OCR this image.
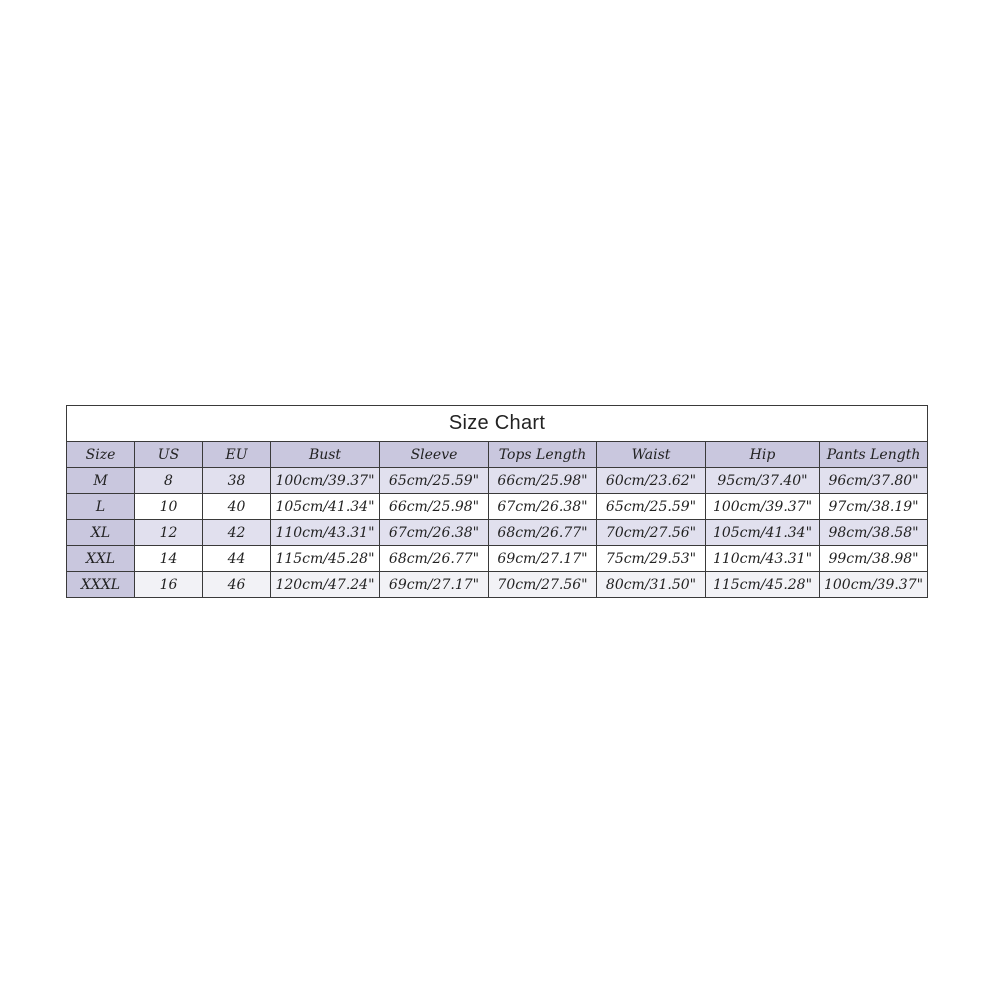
Size Chart								
Size	US	EU	Bust	Sleeve	Tops Length	Waist	Hip	Pants Length
M	8	38	100cm/39.37"	65cm/25.59"	66cm/25.98"	60cm/23.62"	95cm/37.40"	96cm/37.80"
L	10	40	105cm/41.34"	66cm/25.98"	67cm/26.38"	65cm/25.59"	100cm/39.37"	97cm/38.19"
XL	12	42	110cm/43.31"	67cm/26.38"	68cm/26.77"	70cm/27.56"	105cm/41.34"	98cm/38.58"
XXL	14	44	115cm/45.28"	68cm/26.77"	69cm/27.17"	75cm/29.53"	110cm/43.31"	99cm/38.98"
XXXL	16	46	120cm/47.24"	69cm/27.17"	70cm/27.56"	80cm/31.50"	115cm/45.28"	100cm/39.37"
